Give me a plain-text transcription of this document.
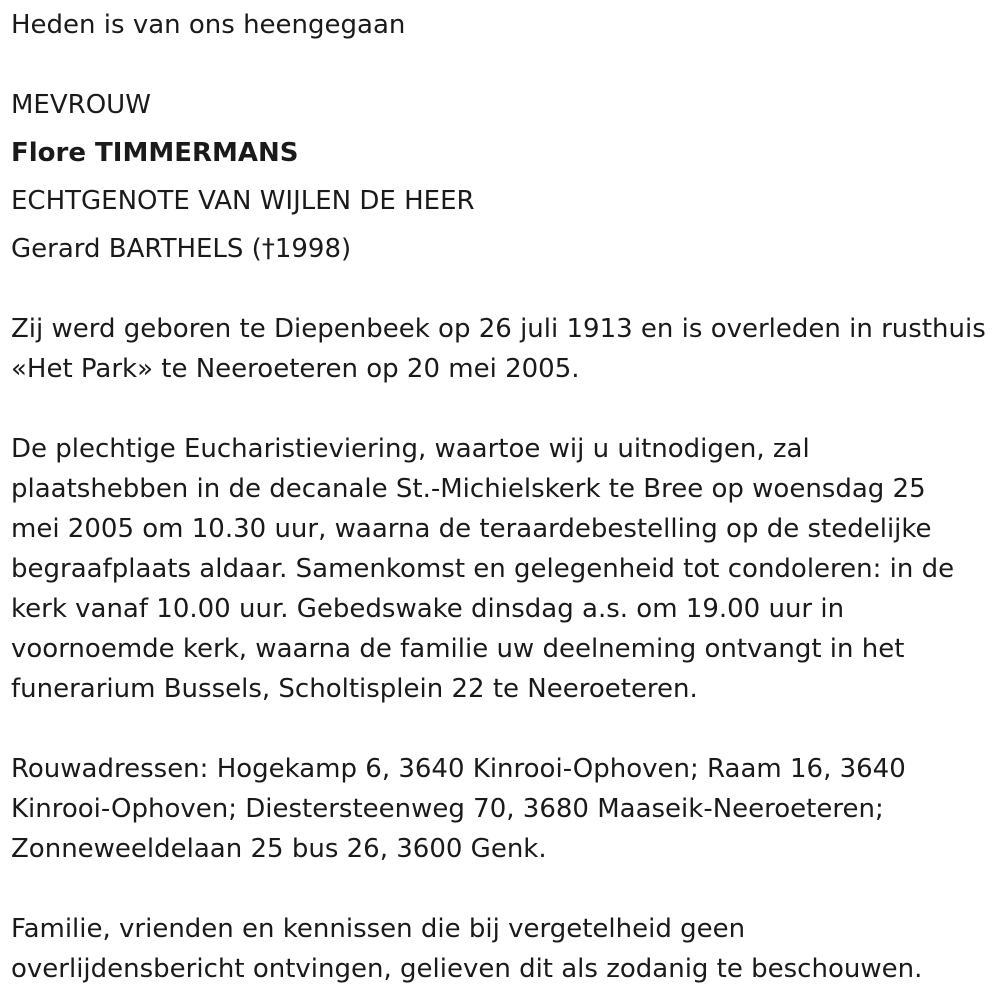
Heden is van ons heengegaan
MEVROUW
Flore TIMMERMANS
ECHTGENOTE VAN WIJLEN DE HEER
Gerard BARTHELS (†1998)
Zij werd geboren te Diepenbeek op 26 juli 1913 en is overleden in rusthuis
«Het Park» te Neeroeteren op 20 mei 2005.
De plechtige Eucharistieviering, waartoe wij u uitnodigen, zal
plaatshebben in de decanale St.-Michielskerk te Bree op woensdag 25
mei 2005 om 10.30 uur, waarna de teraardebestelling op de stedelijke
begraafplaats aldaar. Samenkomst en gelegenheid tot condoleren: in de
kerk vanaf 10.00 uur. Gebedswake dinsdag a.s. om 19.00 uur in
voornoemde kerk, waarna de familie uw deelneming ontvangt in het
funerarium Bussels, Scholtisplein 22 te Neeroeteren.
Rouwadressen: Hogekamp 6, 3640 Kinrooi-Ophoven; Raam 16, 3640
Kinrooi-Ophoven; Diestersteenweg 70, 3680 Maaseik-Neeroeteren;
Zonneweeldelaan 25 bus 26, 3600 Genk.
Familie, vrienden en kennissen die bij vergetelheid geen
overlijdensbericht ontvingen, gelieven dit als zodanig te beschouwen.
